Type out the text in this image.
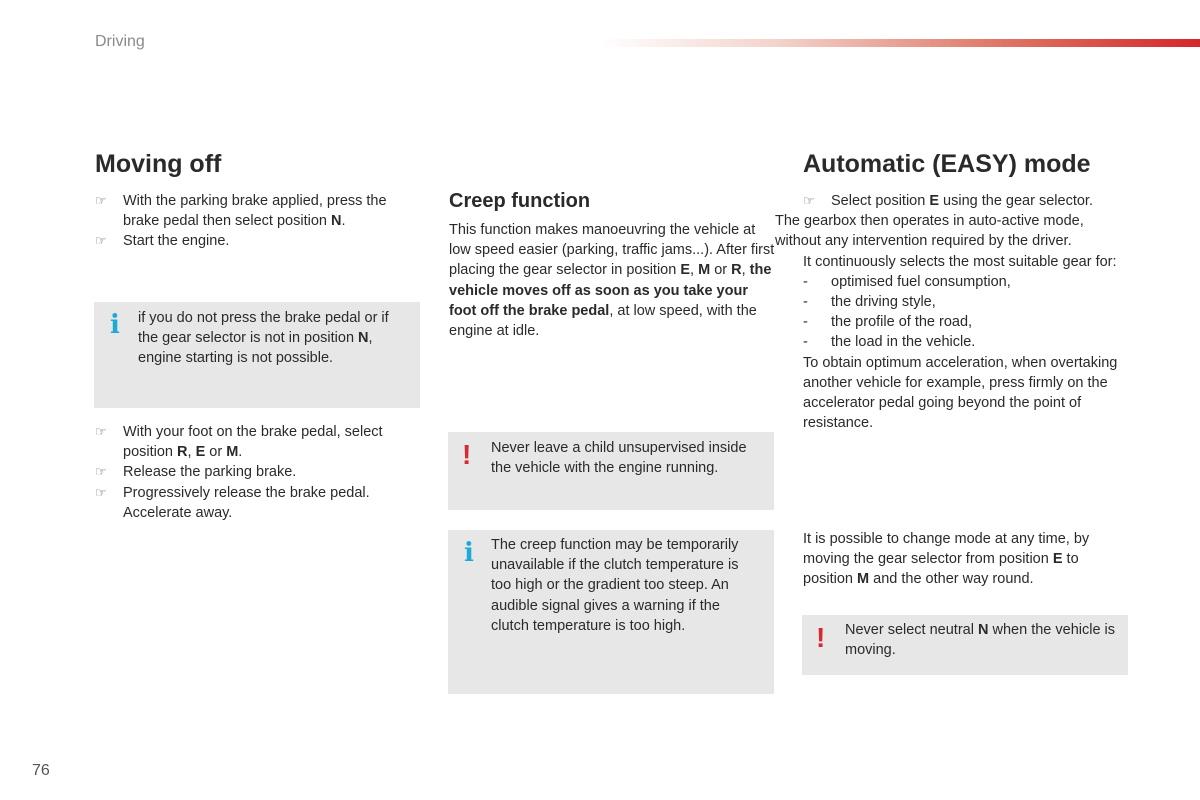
Driving
Moving off
☞ With the parking brake applied, press the brake pedal then select position N.
☞ Start the engine.
i if you do not press the brake pedal or if the gear selector is not in position N, engine starting is not possible.
☞ With your foot on the brake pedal, select position R, E or M.
☞ Release the parking brake.
☞ Progressively release the brake pedal. Accelerate away.
Creep function

This function makes manoeuvring the vehicle at low speed easier (parking, traffic jams...). After first placing the gear selector in position E, M or R, the vehicle moves off as soon as you take your foot off the brake pedal, at low speed, with the engine at idle.

! Never leave a child unsupervised inside the vehicle with the engine running.
i The creep function may be temporarily unavailable if the clutch temperature is too high or the gradient too steep. An audible signal gives a warning if the clutch temperature is too high.
Automatic (EASY) mode
☞ Select position E using the gear selector.

The gearbox then operates in auto-active mode, without any intervention required by the driver.

It continuously selects the most suitable gear for:

- optimised fuel consumption,
- the driving style,
- the profile of the road,
- the load in the vehicle.

To obtain optimum acceleration, when overtaking another vehicle for example, press firmly on the accelerator pedal going beyond the point of resistance.

It is possible to change mode at any time, by moving the gear selector from position E to position M and the other way round.

! Never select neutral N when the vehicle is moving.
76
